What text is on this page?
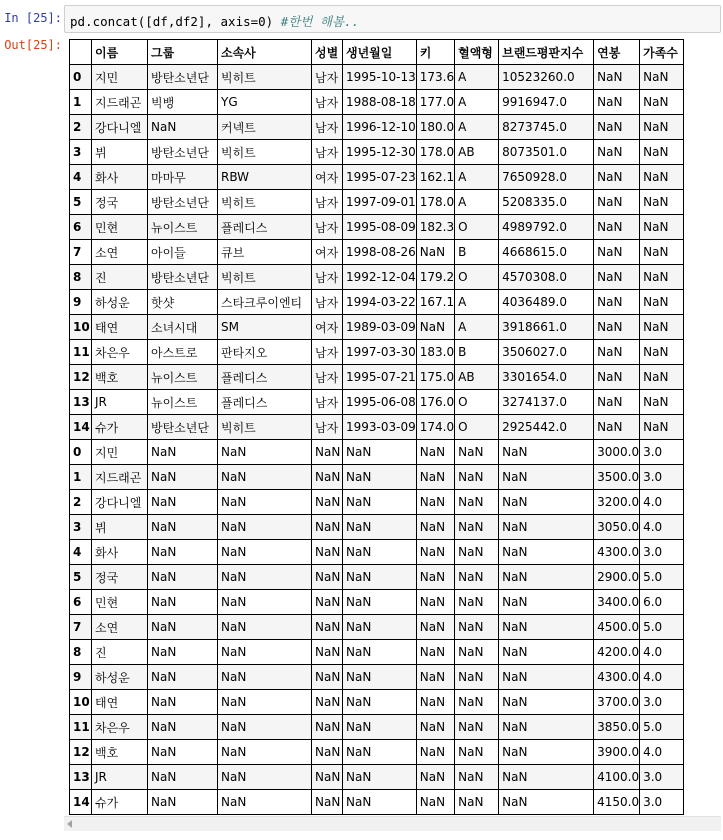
In [25]: pd.concat([df,df2], axis=0) #한번 해봄..
Out[25]:
	이름	그룹	소속사	성별	생년월일	키	혈액형	브랜드평판지수	연봉	가족수
0	지민	방탄소년단	빅히트	남자	1995-10-13	173.6	A	10523260.0	NaN	NaN
1	지드래곤	빅뱅	YG	남자	1988-08-18	177.0	A	9916947.0	NaN	NaN
2	강다니엘	NaN	커넥트	남자	1996-12-10	180.0	A	8273745.0	NaN	NaN
3	뷔	방탄소년단	빅히트	남자	1995-12-30	178.0	AB	8073501.0	NaN	NaN
4	화사	마마무	RBW	여자	1995-07-23	162.1	A	7650928.0	NaN	NaN
5	정국	방탄소년단	빅히트	남자	1997-09-01	178.0	A	5208335.0	NaN	NaN
6	민현	뉴이스트	플레디스	남자	1995-08-09	182.3	O	4989792.0	NaN	NaN
7	소연	아이들	큐브	여자	1998-08-26	NaN	B	4668615.0	NaN	NaN
8	진	방탄소년단	빅히트	남자	1992-12-04	179.2	O	4570308.0	NaN	NaN
9	하성운	핫샷	스타크루이엔티	남자	1994-03-22	167.1	A	4036489.0	NaN	NaN
10	태연	소녀시대	SM	여자	1989-03-09	NaN	A	3918661.0	NaN	NaN
11	차은우	아스트로	판타지오	남자	1997-03-30	183.0	B	3506027.0	NaN	NaN
12	백호	뉴이스트	플레디스	남자	1995-07-21	175.0	AB	3301654.0	NaN	NaN
13	JR	뉴이스트	플레디스	남자	1995-06-08	176.0	O	3274137.0	NaN	NaN
14	슈가	방탄소년단	빅히트	남자	1993-03-09	174.0	O	2925442.0	NaN	NaN
0	지민	NaN	NaN	NaN	NaN	NaN	NaN	NaN	3000.0	3.0
1	지드래곤	NaN	NaN	NaN	NaN	NaN	NaN	NaN	3500.0	3.0
2	강다니엘	NaN	NaN	NaN	NaN	NaN	NaN	NaN	3200.0	4.0
3	뷔	NaN	NaN	NaN	NaN	NaN	NaN	NaN	3050.0	4.0
4	화사	NaN	NaN	NaN	NaN	NaN	NaN	NaN	4300.0	3.0
5	정국	NaN	NaN	NaN	NaN	NaN	NaN	NaN	2900.0	5.0
6	민현	NaN	NaN	NaN	NaN	NaN	NaN	NaN	3400.0	6.0
7	소연	NaN	NaN	NaN	NaN	NaN	NaN	NaN	4500.0	5.0
8	진	NaN	NaN	NaN	NaN	NaN	NaN	NaN	4200.0	4.0
9	하성운	NaN	NaN	NaN	NaN	NaN	NaN	NaN	4300.0	4.0
10	태연	NaN	NaN	NaN	NaN	NaN	NaN	NaN	3700.0	3.0
11	차은우	NaN	NaN	NaN	NaN	NaN	NaN	NaN	3850.0	5.0
12	백호	NaN	NaN	NaN	NaN	NaN	NaN	NaN	3900.0	4.0
13	JR	NaN	NaN	NaN	NaN	NaN	NaN	NaN	4100.0	3.0
14	슈가	NaN	NaN	NaN	NaN	NaN	NaN	NaN	4150.0	3.0
